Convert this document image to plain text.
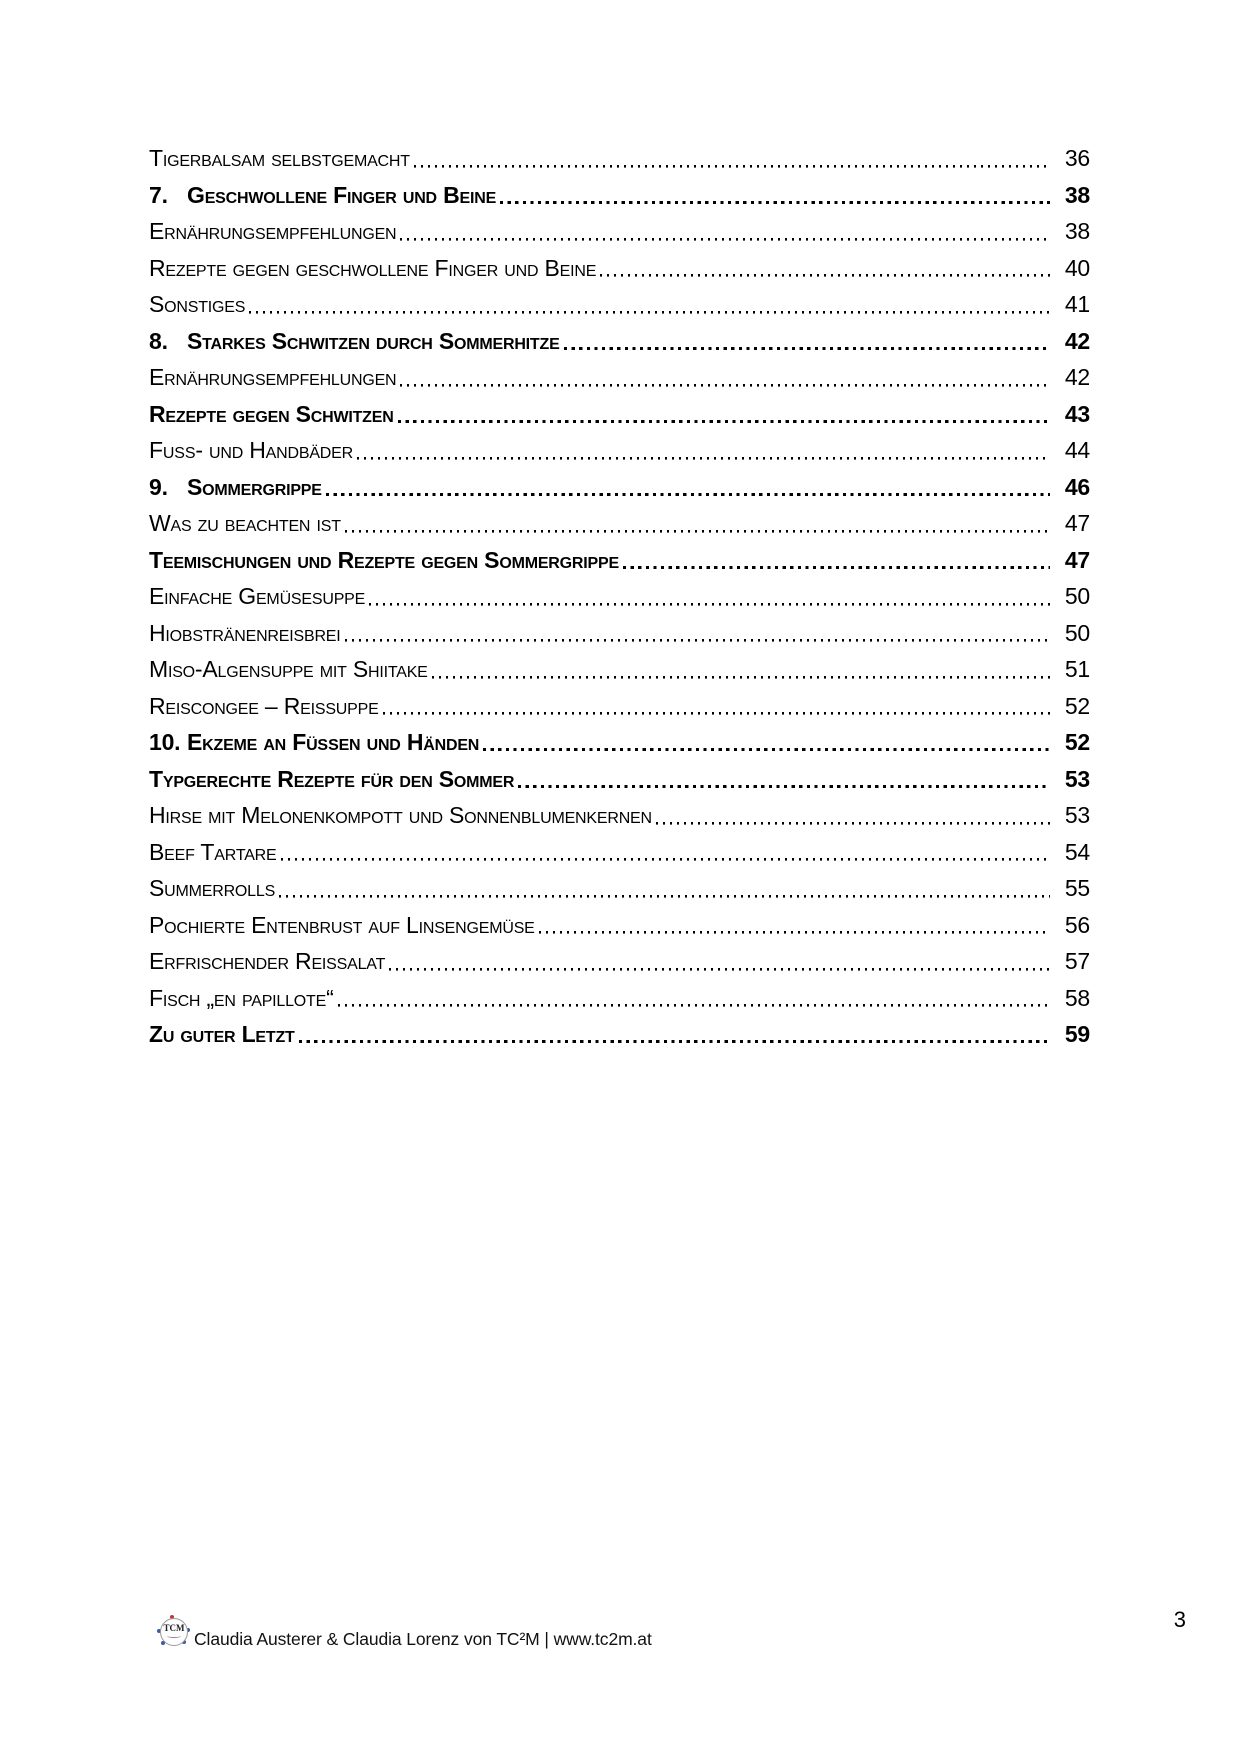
Tigerbalsam selbstgemacht	36
7. Geschwollene Finger und Beine	38
Ernährungsempfehlungen	38
Rezepte gegen geschwollene Finger und Beine	40
Sonstiges	41
8. Starkes Schwitzen durch Sommerhitze	42
Ernährungsempfehlungen	42
Rezepte gegen Schwitzen	43
Fuß- und Handbäder	44
9. Sommergrippe	46
Was zu beachten ist	47
Teemischungen und Rezepte gegen Sommergrippe	47
Einfache Gemüsesuppe	50
Hiobstränenreisbrei	50
Miso-Algensuppe mit Shiitake	51
Reiscongee – Reissuppe	52
10. Ekzeme an Füßen und Händen	52
Typgerechte Rezepte für den Sommer	53
Hirse mit Melonenkompott und Sonnenblumenkernen	53
Beef Tartare	54
Summerrolls	55
Pochierte Entenbrust auf Linsengemüse	56
Erfrischender Reissalat	57
Fisch „en papillote“	58
Zu guter Letzt	59
TCM
Claudia Austerer & Claudia Lorenz von TC²M | www.tc2m.at
3
